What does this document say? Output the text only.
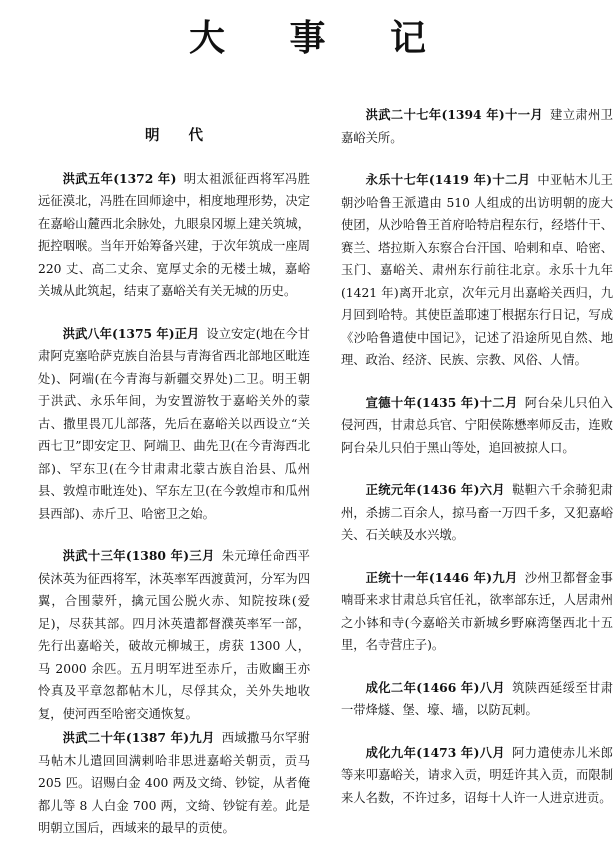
大 事 记
明 代
洪武五年(1372 年) 明太祖派征西将军冯胜远征漠北，冯胜在回师途中，相度地理形势，决定在嘉峪山麓西北余脉处，九眼泉冈塬上建关筑城，扼控咽喉。当年开始筹备兴建，于次年筑成一座周 220 丈、高二丈余、宽厚丈余的无楼土城，嘉峪关城从此筑起，结束了嘉峪关有关无城的历史。
洪武八年(1375 年)正月 设立安定(地在今甘肃阿克塞哈萨克族自治县与青海省西北部地区毗连处)、阿端(在今青海与新疆交界处)二卫。明王朝于洪武、永乐年间，为安置游牧于嘉峪关外的蒙古、撒里畏兀儿部落，先后在嘉峪关以西设立“关西七卫”即安定卫、阿端卫、曲先卫(在今青海西北部)、罕东卫(在今甘肃肃北蒙古族自治县、瓜州县、敦煌市毗连处)、罕东左卫(在今敦煌市和瓜州县西部)、赤斤卫、哈密卫之始。
洪武十三年(1380 年)三月 朱元璋任命西平侯沐英为征西将军，沐英率军西渡黄河，分军为四翼，合围蒙歼，擒元国公脱火赤、知院按珠(爱足)，尽获其部。四月沐英遣都督濮英率军一部，先行出嘉峪关，破故元柳城王，虏获 1300 人，马 2000 余匹。五月明军进至赤斤，击败豳王亦怜真及平章忽都帖木儿，尽俘其众，关外失地收复，使河西至哈密交通恢复。
洪武二十年(1387 年)九月 西域撒马尔罕驸马帖木儿遣回回满剌哈非思进嘉峪关朝贡，贡马 205 匹。诏赐白金 400 两及文绮、钞锭，从者俺都儿等 8 人白金 700 两，文绮、钞锭有差。此是明朝立国后，西域来的最早的贡使。
洪武二十七年(1394 年)十一月 建立肃州卫嘉峪关所。
永乐十七年(1419 年)十二月 中亚帖木儿王朝沙哈鲁王派遣由 510 人组成的出访明朝的庞大使团，从沙哈鲁王首府哈特启程东行，经塔什干、赛兰、塔拉斯入东察合台汗国、哈剌和卓、哈密、玉门、嘉峪关、肃州东行前往北京。永乐十九年(1421 年)离开北京，次年元月出嘉峪关西归，九月回到哈特。其使臣盖耶速丁根据东行日记，写成《沙哈鲁遣使中国记》，记述了沿途所见自然、地理、政治、经济、民族、宗教、风俗、人情。
宣德十年(1435 年)十二月 阿台朵儿只伯入侵河西，甘肃总兵官、宁阳侯陈懋率师反击，连败阿台朵儿只伯于黑山等处，追回被掠人口。
正统元年(1436 年)六月 鞑靼六千余骑犯肃州，杀掳二百余人，掠马畜一万四千多，又犯嘉峪关、石关峡及水兴墩。
正统十一年(1446 年)九月 沙州卫都督金事喃哥来求甘肃总兵官任礼，欲率部东迁，人居肃州之小钵和寺(今嘉峪关市新城乡野麻湾堡西北十五里，名寺营庄子)。
成化二年(1466 年)八月 筑陕西延绥至甘肃一带烽燧、堡、壕、墙，以防瓦剌。
成化九年(1473 年)八月 阿力遣使赤儿米郎等来叩嘉峪关，请求入贡，明廷许其入贡，而限制来人名数，不许过多，诏每十人许一人进京进贡。
